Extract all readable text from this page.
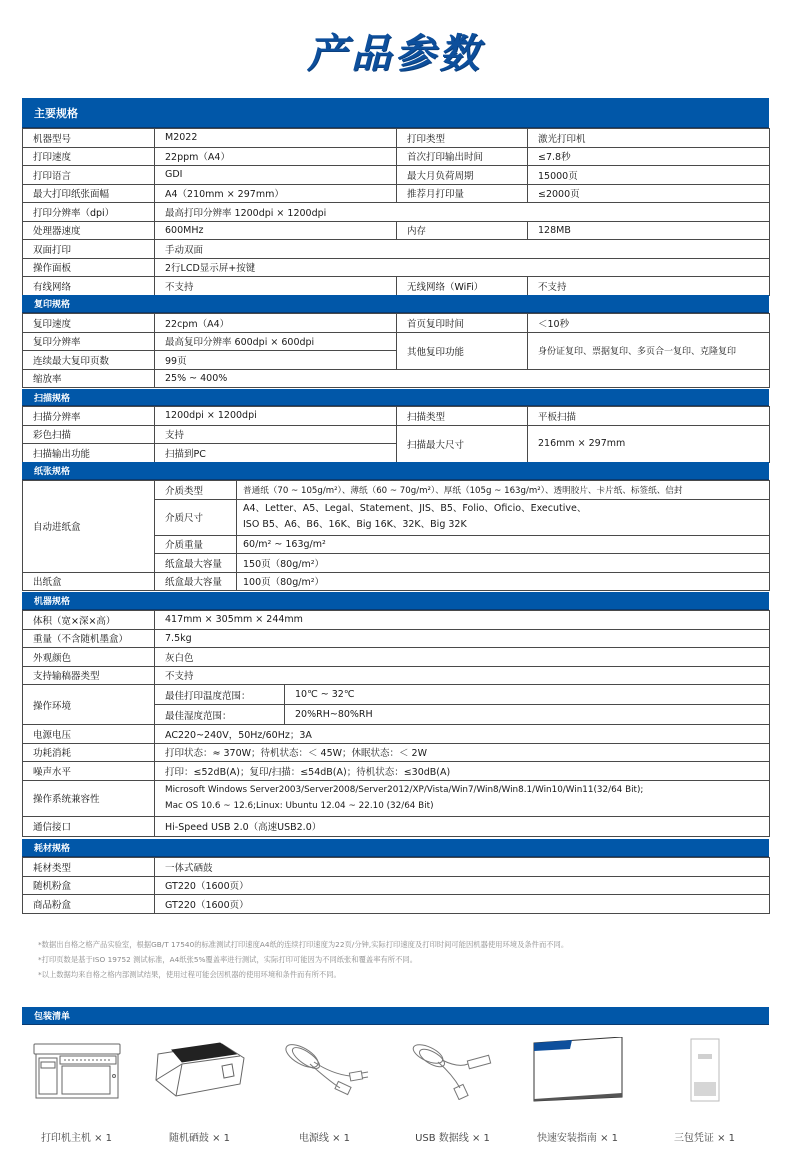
产品参数
主要规格
机器型号	M2022	打印类型	激光打印机
打印速度	22ppm（A4）	首次打印输出时间	≤7.8秒
打印语言	GDI	最大月负荷周期	15000页
最大打印纸张面幅	A4（210mm × 297mm）	推荐月打印量	≤2000页
打印分辨率（dpi）	最高打印分辨率 1200dpi × 1200dpi		
处理器速度	600MHz	内存	128MB
双面打印	手动双面		
操作面板	2行LCD显示屏+按键		
有线网络	不支持	无线网络（WiFi）	不支持
复印规格
复印速度	22cpm（A4）	首页复印时间	＜10秒
复印分辨率	最高复印分辨率 600dpi × 600dpi	其他复印功能	身份证复印、票据复印、多页合一复印、克隆复印
连续最大复印页数	99页		
缩放率	25% ~ 400%		
扫描规格
扫描分辨率	1200dpi × 1200dpi	扫描类型	平板扫描
彩色扫描	支持	扫描最大尺寸	216mm × 297mm
扫描输出功能	扫描到PC		
纸张规格
自动进纸盒	介质类型	普通纸（70 ~ 105g/m²）、薄纸（60 ~ 70g/m²）、厚纸（105g ~ 163g/m²）、透明胶片、卡片纸、标签纸、信封
	介质尺寸	A4、Letter、A5、Legal、Statement、JIS、B5、Folio、Oficio、Executive、
ISO B5、A6、B6、16K、Big 16K、32K、Big 32K

	介质重量	60/m² ~ 163g/m²
	纸盒最大容量	150页（80g/m²）
出纸盒	纸盒最大容量	100页（80g/m²）
机器规格
体积（宽×深×高）	417mm × 305mm × 244mm	
重量（不含随机墨盒）	7.5kg	
外观颜色	灰白色	
支持输稿器类型	不支持	
操作环境	最佳打印温度范围：	10℃ ~ 32℃
	最佳湿度范围：	20%RH~80%RH
电源电压	AC220~240V，50Hz/60Hz；3A	
功耗消耗	打印状态：≈ 370W；待机状态：＜ 45W；休眠状态：＜ 2W	
噪声水平	打印：≤52dB(A)；复印/扫描：≤54dB(A)；待机状态：≤30dB(A)	
操作系统兼容性	Microsoft Windows Server2003/Server2008/Server2012/XP/Vista/Win7/Win8/Win8.1/Win10/Win11(32/64 Bit);
Mac OS 10.6 ~ 12.6;Linux: Ubuntu 12.04 ~ 22.10 (32/64 Bit)	

通信接口	Hi-Speed USB 2.0（高速USB2.0）	
耗材规格
耗材类型	一体式硒鼓
随机粉盒	GT220（1600页）
商品粉盒	GT220（1600页）
*数据出自格之格产品实验室，根据GB/T 17540的标准测试打印速度A4纸的连续打印速度为22页/分钟,实际打印速度及打印时间可能因机器使用环境及条件而不同。
*打印页数是基于ISO 19752 测试标准，A4纸张5%覆盖率进行测试，实际打印可能因为不同纸张和覆盖率有所不同。
*以上数据均来自格之格内部测试结果，使用过程可能会因机器的使用环境和条件而有所不同。
包装清单
打印机主机 × 1	随机硒鼓 × 1	电源线 × 1	USB 数据线 × 1	快速安装指南 × 1	三包凭证 × 1
